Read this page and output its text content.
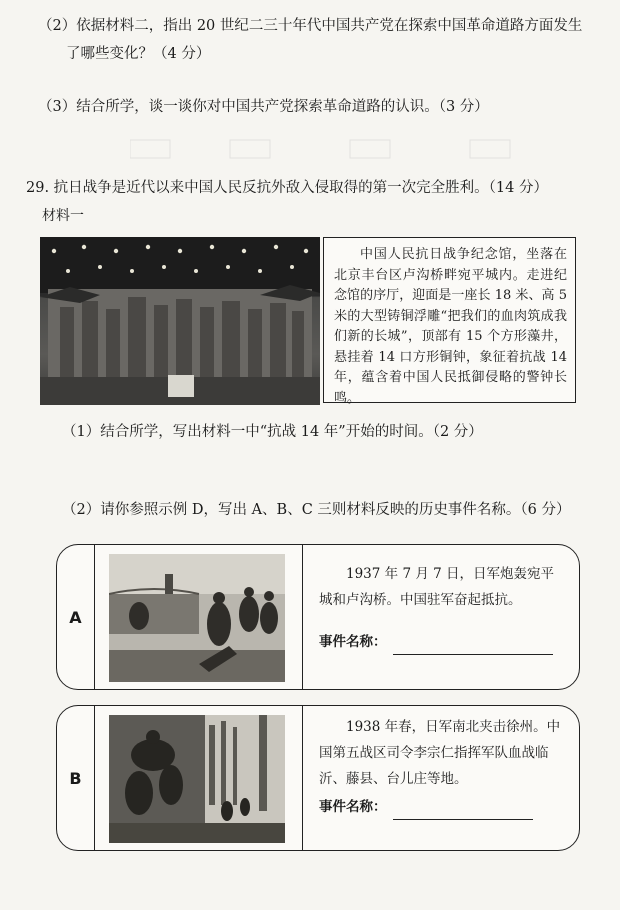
（2）依据材料二，指出 20 世纪二三十年代中国共产党在探索中国革命道路方面发生
了哪些变化？（4 分）
（3）结合所学，谈一谈你对中国共产党探索革命道路的认识。（3 分）
29. 抗日战争是近代以来中国人民反抗外敌入侵取得的第一次完全胜利。（14 分）
材料一
中国人民抗日战争纪念馆，坐落在北京丰台区卢沟桥畔宛平城内。走进纪念馆的序厅，迎面是一座长 18 米、高 5 米的大型铸铜浮雕“把我们的血肉筑成我们新的长城”，顶部有 15 个方形藻井，悬挂着 14 口方形铜钟，象征着抗战 14 年，蕴含着中国人民抵御侵略的警钟长鸣。
（1）结合所学，写出材料一中“抗战 14 年”开始的时间。（2 分）
（2）请你参照示例 D，写出 A、B、C 三则材料反映的历史事件名称。（6 分）
A
1937 年 7 月 7 日，日军炮轰宛平城和卢沟桥。中国驻军奋起抵抗。
事件名称：
B
1938 年春，日军南北夹击徐州。中国第五战区司令李宗仁指挥军队血战临沂、藤县、台儿庄等地。
事件名称：
